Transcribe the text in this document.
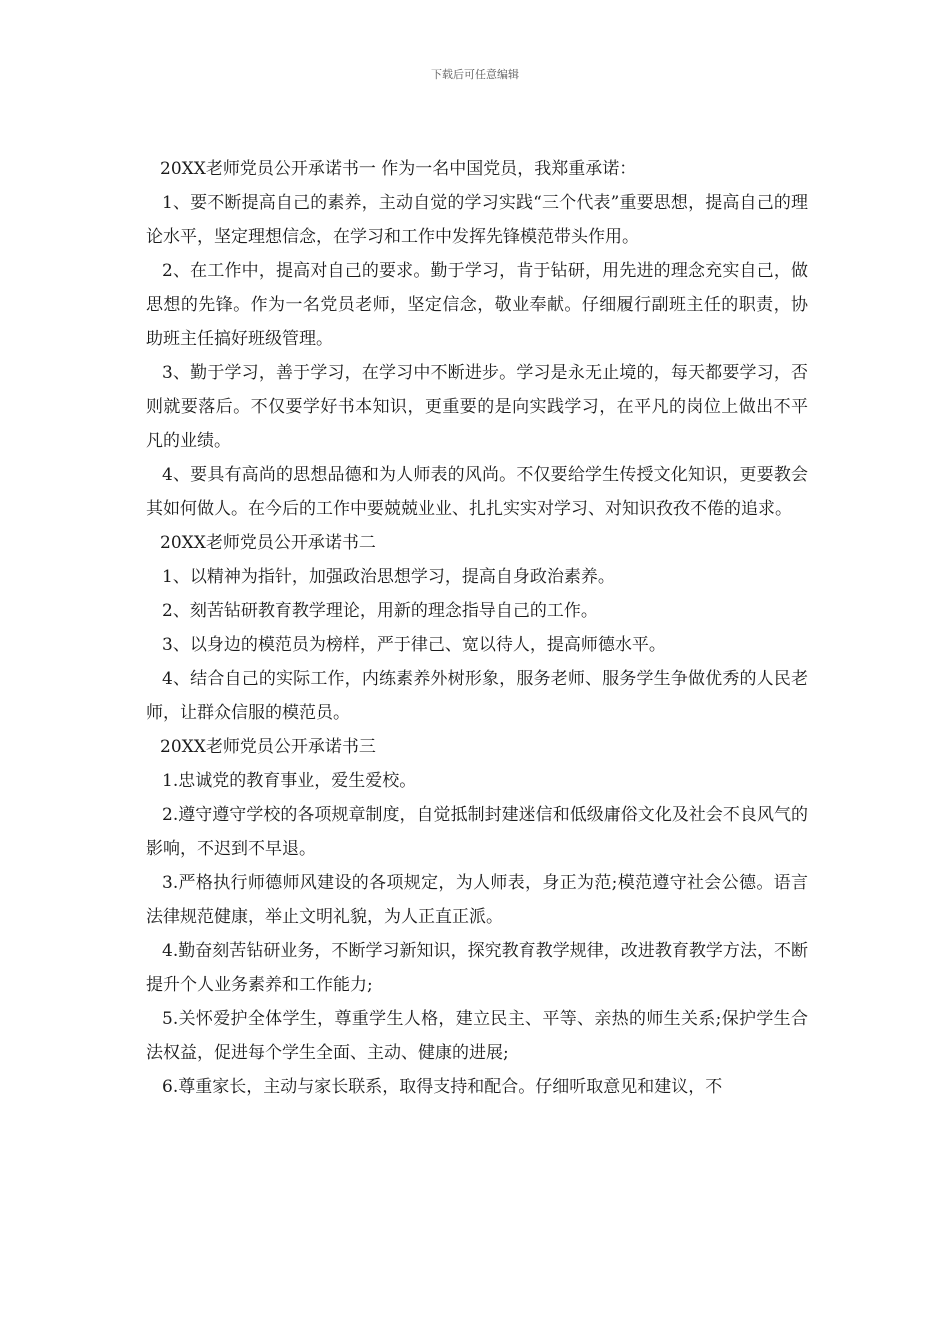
下载后可任意编辑

20XX老师党员公开承诺书一 作为一名中国党员，我郑重承诺：

1、要不断提高自己的素养，主动自觉的学习实践“三个代表”重要思想，提高自己的理论水平，坚定理想信念，在学习和工作中发挥先锋模范带头作用。

2、在工作中，提高对自己的要求。勤于学习，肯于钻研，用先进的理念充实自己，做思想的先锋。作为一名党员老师，坚定信念，敬业奉献。仔细履行副班主任的职责，协助班主任搞好班级管理。

3、勤于学习，善于学习，在学习中不断进步。学习是永无止境的，每天都要学习，否则就要落后。不仅要学好书本知识，更重要的是向实践学习，在平凡的岗位上做出不平凡的业绩。

4、要具有高尚的思想品德和为人师表的风尚。不仅要给学生传授文化知识，更要教会其如何做人。在今后的工作中要兢兢业业、扎扎实实对学习、对知识孜孜不倦的追求。

20XX老师党员公开承诺书二

1、以精神为指针，加强政治思想学习，提高自身政治素养。

2、刻苦钻研教育教学理论，用新的理念指导自己的工作。

3、以身边的模范员为榜样，严于律己、宽以待人，提高师德水平。

4、结合自己的实际工作，内练素养外树形象，服务老师、服务学生争做优秀的人民老师，让群众信服的模范员。

20XX老师党员公开承诺书三

1.忠诚党的教育事业，爱生爱校。

2.遵守遵守学校的各项规章制度，自觉抵制封建迷信和低级庸俗文化及社会不良风气的影响，不迟到不早退。

3.严格执行师德师风建设的各项规定，为人师表，身正为范;模范遵守社会公德。语言法律规范健康，举止文明礼貌，为人正直正派。

4.勤奋刻苦钻研业务，不断学习新知识，探究教育教学规律，改进教育教学方法，不断提升个人业务素养和工作能力;

5.关怀爱护全体学生，尊重学生人格，建立民主、平等、亲热的师生关系;保护学生合法权益，促进每个学生全面、主动、健康的进展;

6.尊重家长，主动与家长联系，取得支持和配合。仔细听取意见和建议，不
